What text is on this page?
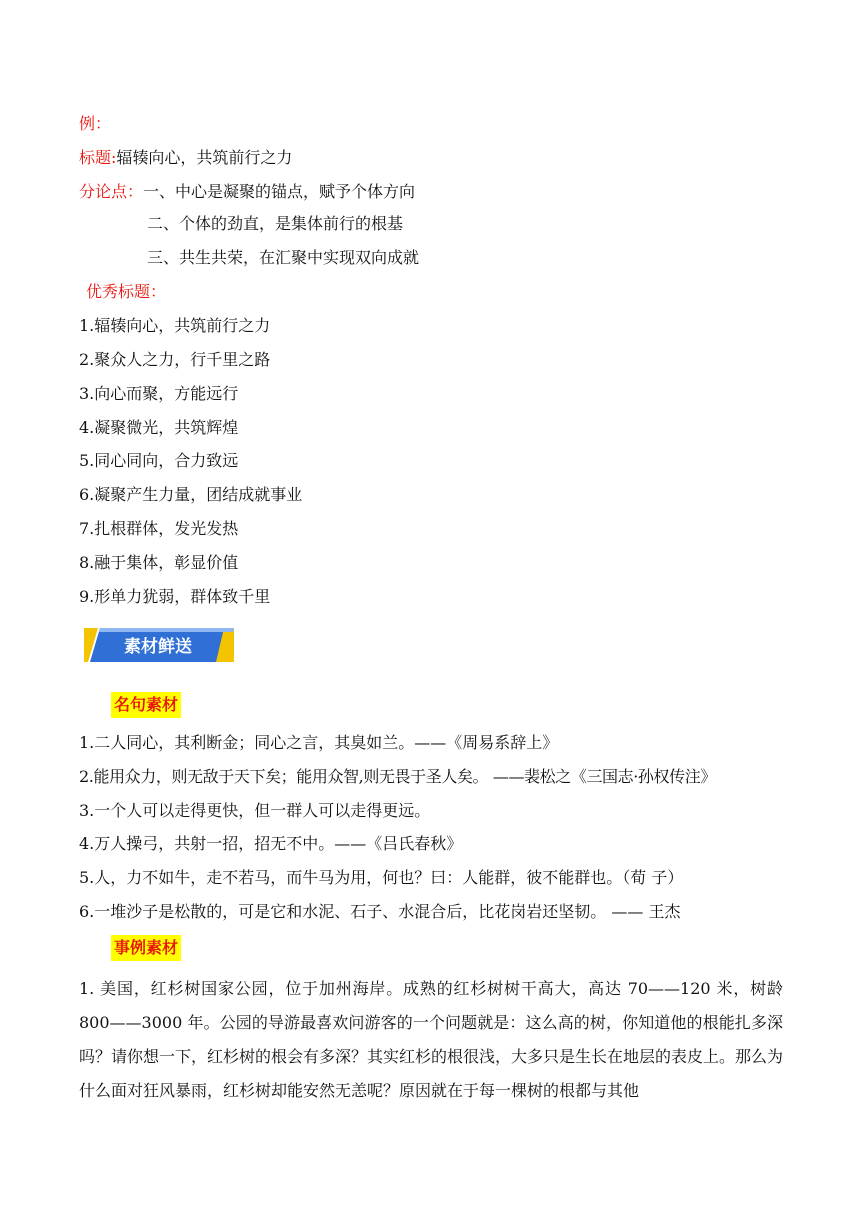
例：
标题:辐辏向心，共筑前行之力
分论点：一、中心是凝聚的锚点，赋予个体方向
二、个体的劲直，是集体前行的根基
三、共生共荣，在汇聚中实现双向成就
优秀标题：
1.辐辏向心，共筑前行之力
2.聚众人之力，行千里之路
3.向心而聚，方能远行
4.凝聚微光，共筑辉煌
5.同心同向，合力致远
6.凝聚产生力量，团结成就事业
7.扎根群体，发光发热
8.融于集体，彰显价值
9.形单力犹弱，群体致千里
素材鲜送
名句素材
1.二人同心，其利断金；同心之言，其臭如兰。——《周易系辞上》
2.能用众力，则无敌于天下矣；能用众智,则无畏于圣人矣。 ——裴松之《三国志·孙权传注》
3.一个人可以走得更快，但一群人可以走得更远。
4.万人操弓，共射一招，招无不中。——《吕氏春秋》
5.人，力不如牛，走不若马，而牛马为用，何也？曰：人能群，彼不能群也。（荀 子）
6.一堆沙子是松散的，可是它和水泥、石子、水混合后，比花岗岩还坚韧。 —— 王杰
事例素材
1. 美国，红杉树国家公园，位于加州海岸。成熟的红杉树树干高大，高达 70——120 米，树龄 800——3000 年。公园的导游最喜欢问游客的一个问题就是：这么高的树，你知道他的根能扎多深吗？请你想一下，红杉树的根会有多深？其实红杉的根很浅，大多只是生长在地层的表皮上。那么为什么面对狂风暴雨，红杉树却能安然无恙呢？原因就在于每一棵树的根都与其他
